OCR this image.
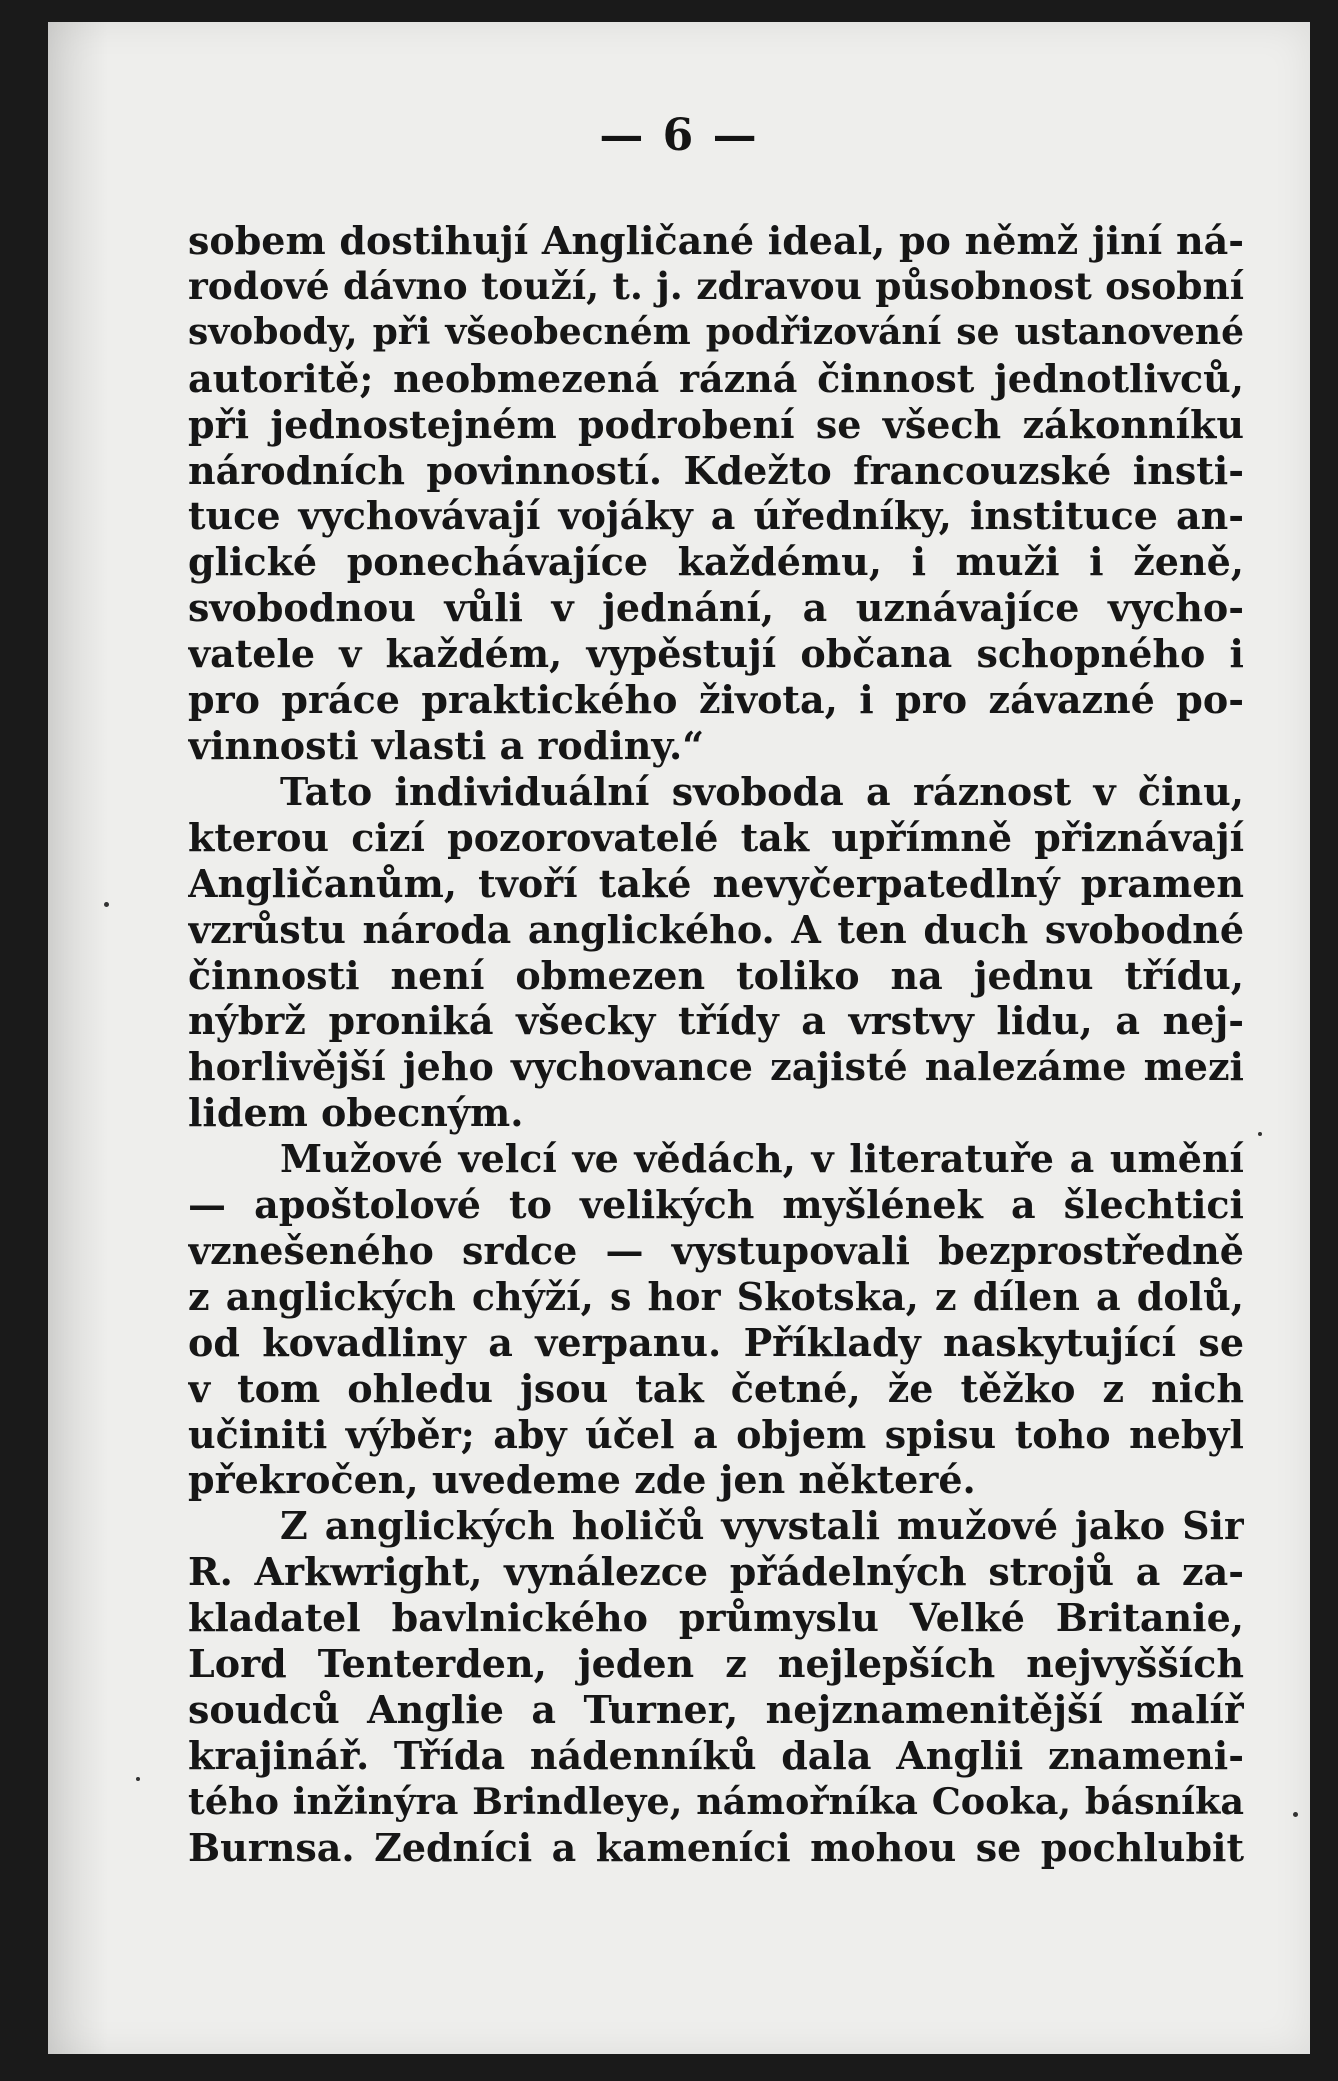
— 6 —
sobem dostihují Angličané ideal, po němž jiní ná-
rodové dávno touží, t. j. zdravou působnost osobní
svobody, při všeobecném podřizování se ustanovené
autoritě; neobmezená rázná činnost jednotlivců,
při jednostejném podrobení se všech zákonníku
národních povinností. Kdežto francouzské insti-
tuce vychovávají vojáky a úředníky, instituce an-
glické ponechávajíce každému, i muži i ženě,
svobodnou vůli v jednání, a uznávajíce vycho-
vatele v každém, vypěstují občana schopného i
pro práce praktického života, i pro závazné po-
vinnosti vlasti a rodiny.“
Tato individuální svoboda a ráznost v činu,
kterou cizí pozorovatelé tak upřímně přiznávají
Angličanům, tvoří také nevyčerpatedlný pramen
vzrůstu národa anglického. A ten duch svobodné
činnosti není obmezen toliko na jednu třídu,
nýbrž proniká všecky třídy a vrstvy lidu, a nej-
horlivější jeho vychovance zajisté nalezáme mezi
lidem obecným.
Mužové velcí ve vědách, v literatuře a umění
— apoštolové to velikých myšlének a šlechtici
vznešeného srdce — vystupovali bezprostředně
z anglických chýží, s hor Skotska, z dílen a dolů,
od kovadliny a verpanu. Příklady naskytující se
v tom ohledu jsou tak četné, že těžko z nich
učiniti výběr; aby účel a objem spisu toho nebyl
překročen, uvedeme zde jen některé.
Z anglických holičů vyvstali mužové jako Sir
R. Arkwright, vynálezce přádelných strojů a za-
kladatel bavlnického průmyslu Velké Britanie,
Lord Tenterden, jeden z nejlepších nejvyšších
soudců Anglie a Turner, nejznamenitější malíř
krajinář. Třída nádenníků dala Anglii znameni-
tého inžinýra Brindleye, námořníka Cooka, básníka
Burnsa. Zedníci a kameníci mohou se pochlubit
